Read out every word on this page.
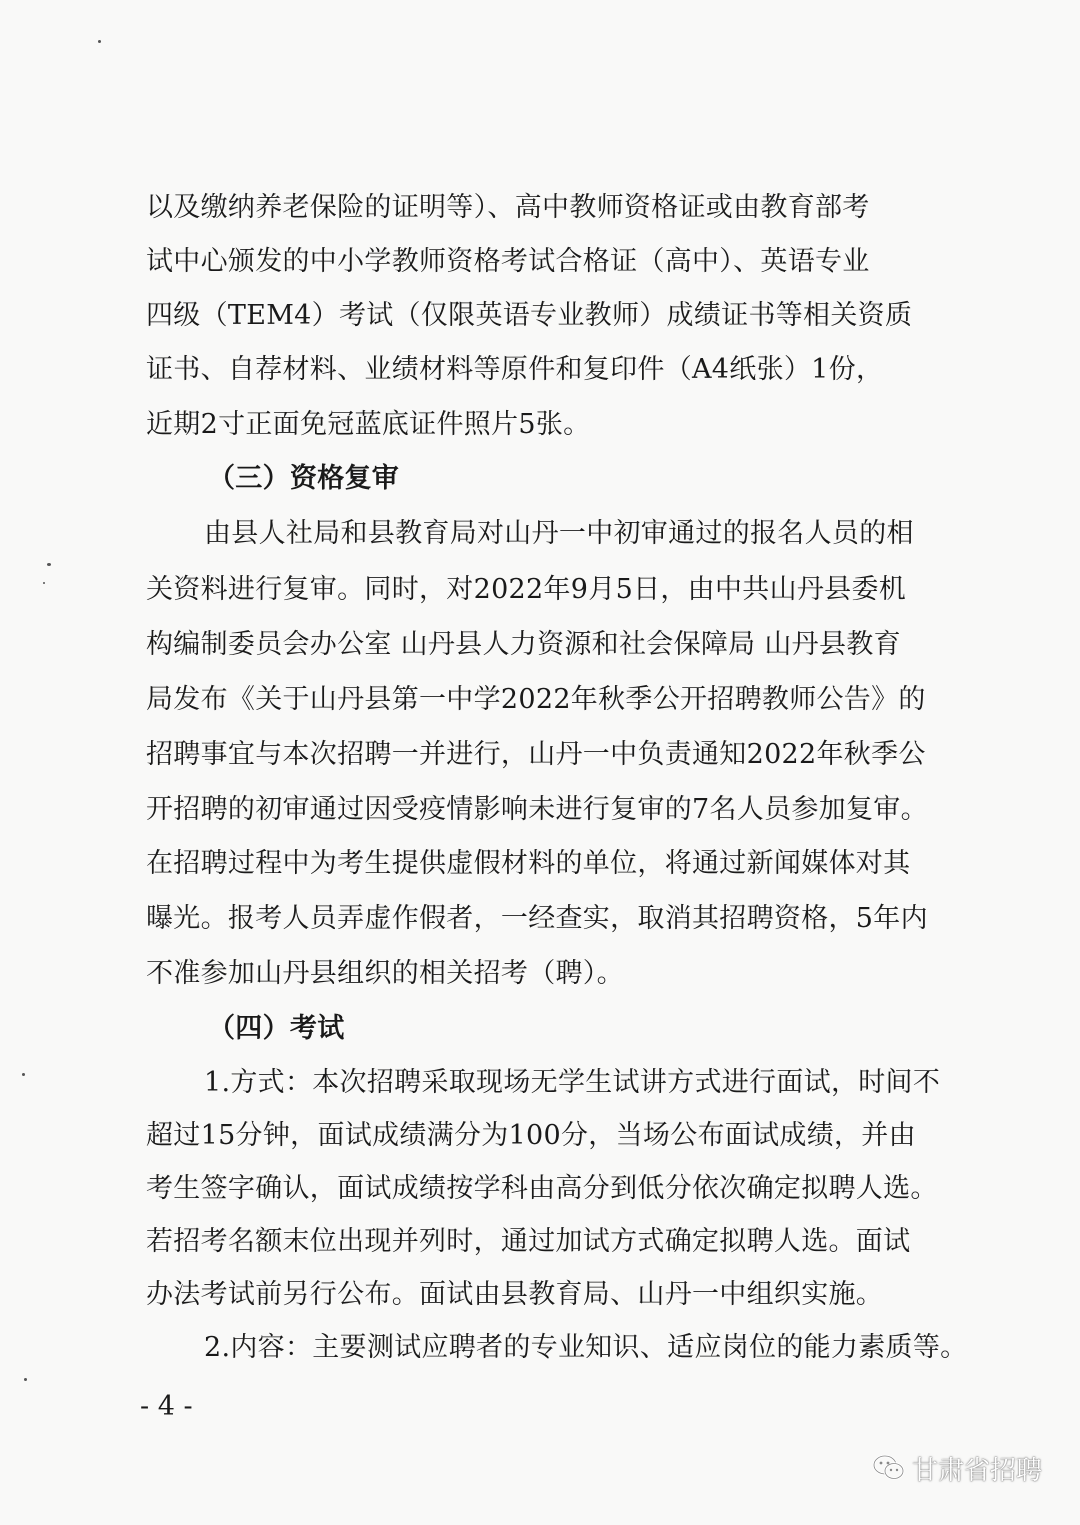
以及缴纳养老保险的证明等）、高中教师资格证或由教育部考
试中心颁发的中小学教师资格考试合格证（高中）、英语专业
四级（TEM4）考试（仅限英语专业教师）成绩证书等相关资质
证书、自荐材料、业绩材料等原件和复印件（A4纸张）1份，
近期2寸正面免冠蓝底证件照片5张。
（三）资格复审
由县人社局和县教育局对山丹一中初审通过的报名人员的相
关资料进行复审。同时，对2022年9月5日，由中共山丹县委机
构编制委员会办公室 山丹县人力资源和社会保障局 山丹县教育
局发布《关于山丹县第一中学2022年秋季公开招聘教师公告》的
招聘事宜与本次招聘一并进行，山丹一中负责通知2022年秋季公
开招聘的初审通过因受疫情影响未进行复审的7名人员参加复审。
在招聘过程中为考生提供虚假材料的单位，将通过新闻媒体对其
曝光。报考人员弄虚作假者，一经查实，取消其招聘资格，5年内
不准参加山丹县组织的相关招考（聘）。
（四）考试
1.方式：本次招聘采取现场无学生试讲方式进行面试，时间不
超过15分钟，面试成绩满分为100分，当场公布面试成绩，并由
考生签字确认，面试成绩按学科由高分到低分依次确定拟聘人选。
若招考名额末位出现并列时，通过加试方式确定拟聘人选。面试
办法考试前另行公布。面试由县教育局、山丹一中组织实施。
2.内容：主要测试应聘者的专业知识、适应岗位的能力素质等。
- 4 -
甘肃省招聘
